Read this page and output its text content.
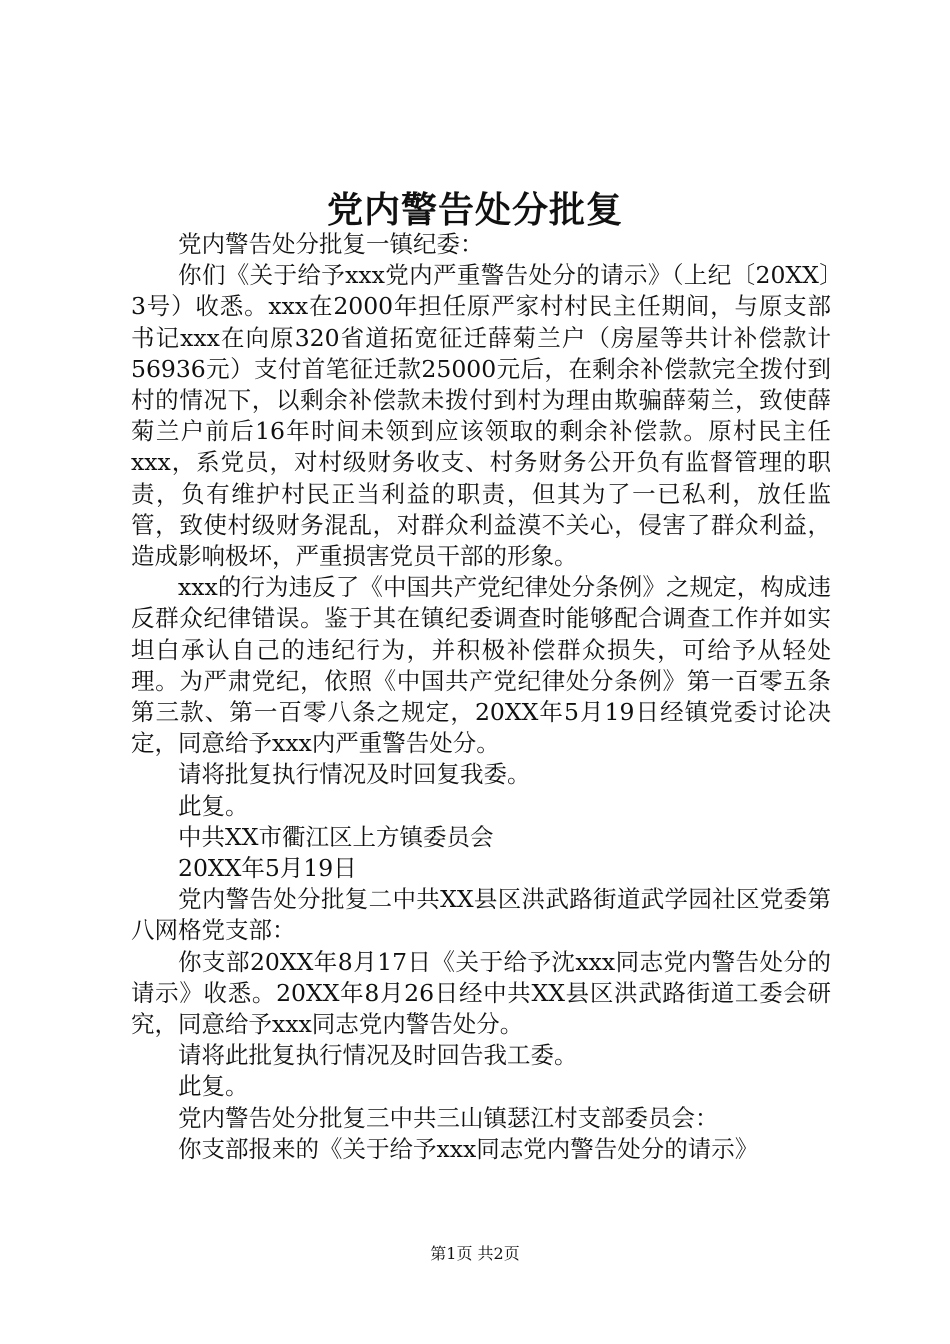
党内警告处分批复

党内警告处分批复一镇纪委：

你们《关于给予xxx党内严重警告处分的请示》（上纪〔20XX〕3号）收悉。xxx在2000年担任原严家村村民主任期间，与原支部书记xxx在向原320省道拓宽征迁薛菊兰户（房屋等共计补偿款计56936元）支付首笔征迁款25000元后，在剩余补偿款完全拨付到村的情况下，以剩余补偿款未拨付到村为理由欺骗薛菊兰，致使薛菊兰户前后16年时间未领到应该领取的剩余补偿款。原村民主任xxx，系党员，对村级财务收支、村务财务公开负有监督管理的职责，负有维护村民正当利益的职责，但其为了一已私利，放任监管，致使村级财务混乱，对群众利益漠不关心，侵害了群众利益，造成影响极坏，严重损害党员干部的形象。

xxx的行为违反了《中国共产党纪律处分条例》之规定，构成违反群众纪律错误。鉴于其在镇纪委调查时能够配合调查工作并如实坦白承认自己的违纪行为，并积极补偿群众损失，可给予从轻处理。为严肃党纪，依照《中国共产党纪律处分条例》第一百零五条第三款、第一百零八条之规定，20XX年5月19日经镇党委讨论决定，同意给予xxx内严重警告处分。

请将批复执行情况及时回复我委。

此复。

中共XX市衢江区上方镇委员会

20XX年5月19日

党内警告处分批复二中共XX县区洪武路街道武学园社区党委第八网格党支部：

你支部20XX年8月17日《关于给予沈xxx同志党内警告处分的请示》收悉。20XX年8月26日经中共XX县区洪武路街道工委会研究，同意给予xxx同志党内警告处分。

请将此批复执行情况及时回告我工委。

此复。

党内警告处分批复三中共三山镇瑟江村支部委员会：

你支部报来的《关于给予xxx同志党内警告处分的请示》

第1页 共2页
